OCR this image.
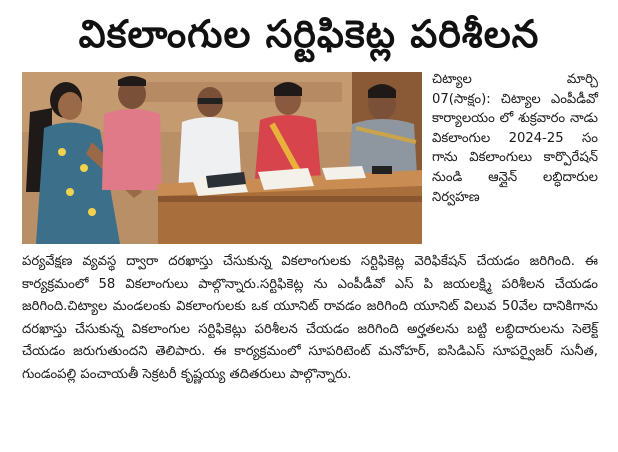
వికలాంగుల సర్టిఫికెట్ల పరిశీలన

చిట్యాల మార్చి

07(సాక్షం): చిట్యాల ఎంపీడీవో కార్యాలయం లో శుక్రవారం నాడు వికలాంగుల 2024-25 సం గాను వికలాంగులు కార్పొరేషన్ నుండి ఆన్లైన్ లబ్ధిదారుల నిర్వహణ

పర్యవేక్షణ వ్యవస్థ ద్వారా దరఖాస్తు చేసుకున్న వికలాంగులకు సర్టిఫికెట్ల వెరిఫికేషన్ చేయడం జరిగింది. ఈ కార్యక్రమంలో 58 వికలాంగులు పాల్గొన్నారు.సర్టిఫికెట్ల ను ఎంపీడీవో ఎస్ పి జయలక్ష్మి పరిశీలన చేయడం జరిగింది.చిట్యాల మండలంకు వికలాంగులకు ఒక యూనిట్ రావడం జరిగింది యూనిట్ విలువ 50వేల దానికిగాను దరఖాస్తు చేసుకున్న వికలాంగుల సర్టిఫికెట్లు పరిశీలన చేయడం జరిగింది అర్హతలను బట్టి లబ్ధిదారులను సెలెక్ట్ చేయడం జరుగుతుందని తెలిపారు. ఈ కార్యక్రమంలో సూపరిటెంట్ మనోహర్, ఐసిడిఎస్ సూపర్వైజర్ సునీత, గుండంపల్లి పంచాయతీ సెక్రటరీ కృష్ణయ్య తదితరులు పాల్గొన్నారు.
